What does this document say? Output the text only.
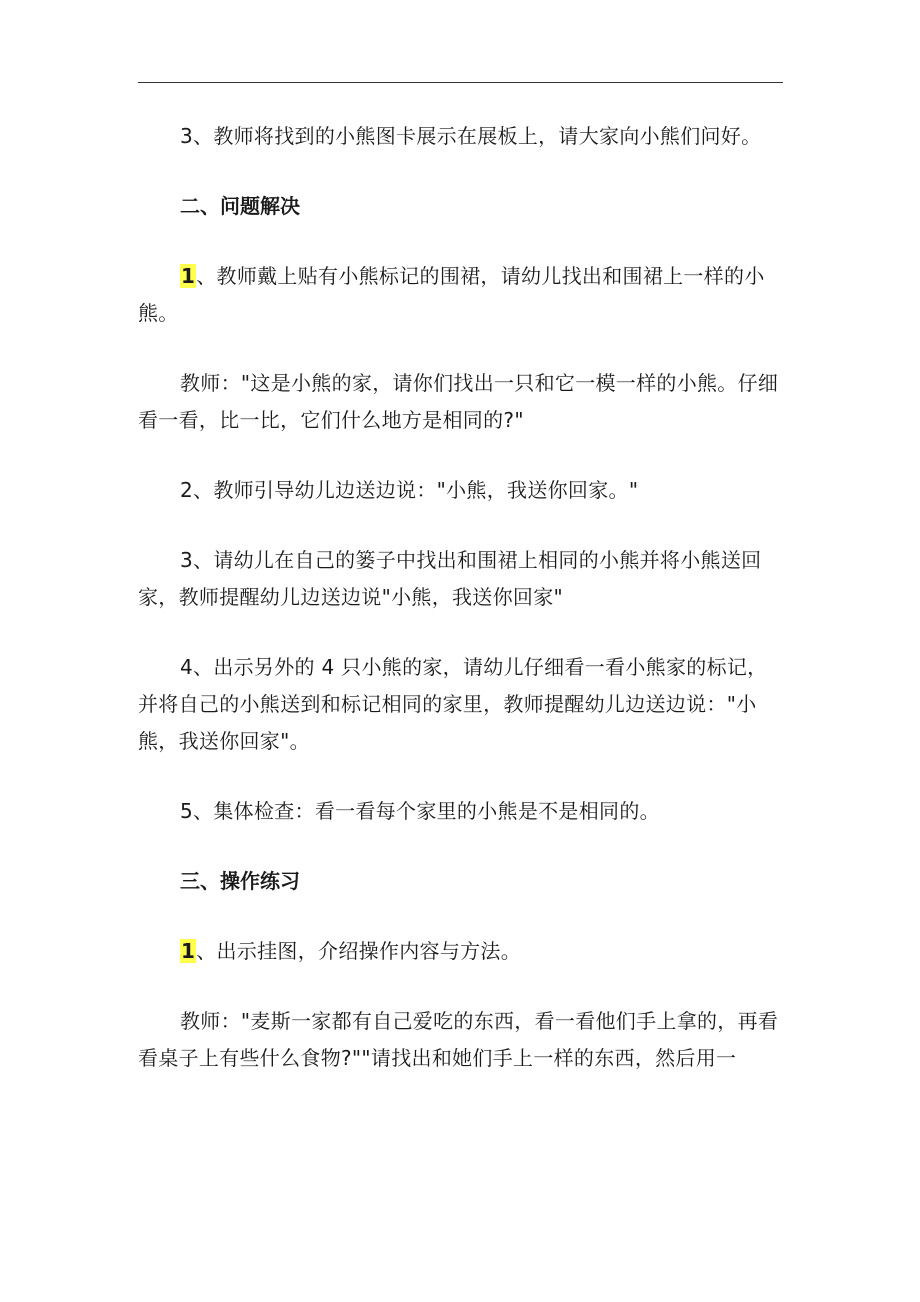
3、教师将找到的小熊图卡展示在展板上，请大家向小熊们问好。

二、问题解决

1、教师戴上贴有小熊标记的围裙，请幼儿找出和围裙上一样的小熊。

教师："这是小熊的家，请你们找出一只和它一模一样的小熊。仔细看一看，比一比，它们什么地方是相同的?"

2、教师引导幼儿边送边说："小熊，我送你回家。"

3、请幼儿在自己的篓子中找出和围裙上相同的小熊并将小熊送回家，教师提醒幼儿边送边说"小熊，我送你回家"

4、出示另外的 4 只小熊的家，请幼儿仔细看一看小熊家的标记，并将自己的小熊送到和标记相同的家里，教师提醒幼儿边送边说："小熊，我送你回家"。

5、集体检查：看一看每个家里的小熊是不是相同的。

三、操作练习

1、出示挂图，介绍操作内容与方法。

教师："麦斯一家都有自己爱吃的东西，看一看他们手上拿的，再看看桌子上有些什么食物?""请找出和她们手上一样的东西，然后用一
